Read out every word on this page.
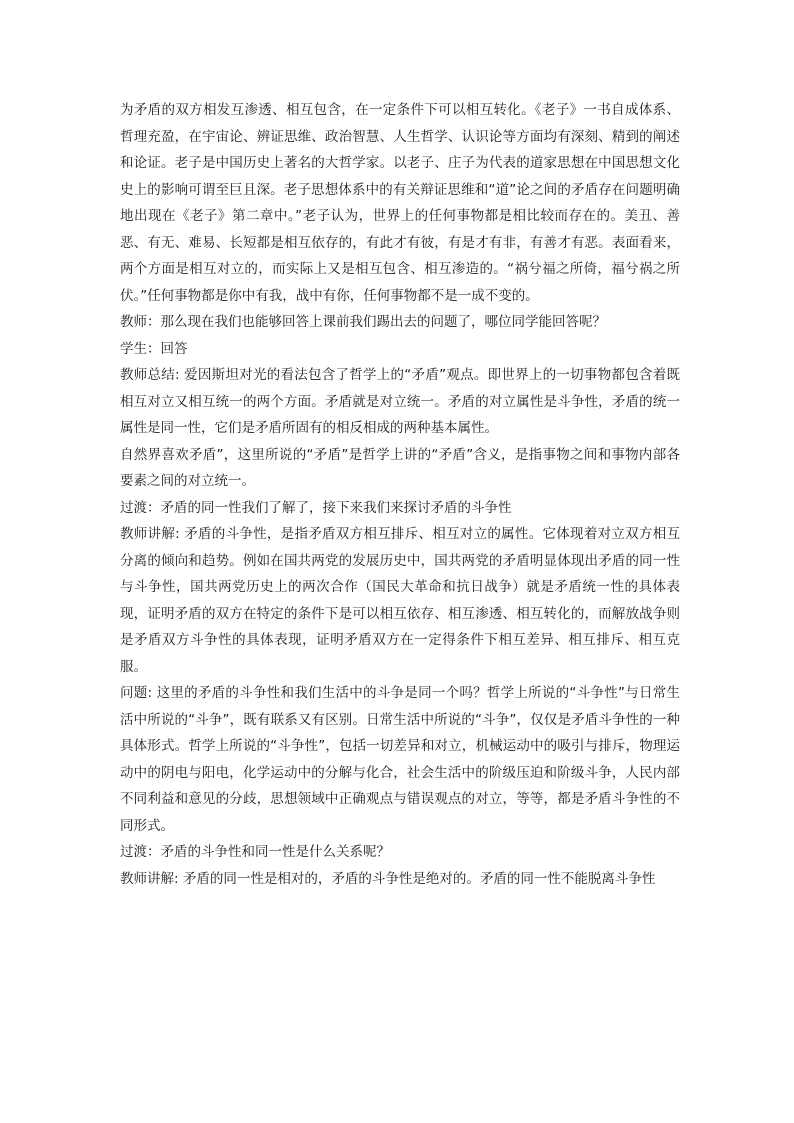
为矛盾的双方相发互渗透、相互包含，在一定条件下可以相互转化。《老子》一书自成体系、哲理充盈，在宇宙论、辨证思维、政治智慧、人生哲学、认识论等方面均有深刻、精到的阐述和论证。老子是中国历史上著名的大哲学家。以老子、庄子为代表的道家思想在中国思想文化史上的影响可谓至巨且深。老子思想体系中的有关辩证思维和“道”论之间的矛盾存在问题明确地出现在《老子》第二章中。”老子认为，世界上的任何事物都是相比较而存在的。美丑、善恶、有无、难易、长短都是相互依存的，有此才有彼，有是才有非，有善才有恶。表面看来，两个方面是相互对立的，而实际上又是相互包含、相互渗造的。“祸兮福之所倚，福兮祸之所伏。”任何事物都是你中有我，战中有你，任何事物都不是一成不变的。

教师：那么现在我们也能够回答上课前我们踢出去的问题了，哪位同学能回答呢？

学生：回答

教师总结: 爱因斯坦对光的看法包含了哲学上的“矛盾”观点。即世界上的一切事物都包含着既相互对立又相互统一的两个方面。矛盾就是对立统一。矛盾的对立属性是斗争性，矛盾的统一属性是同一性，它们是矛盾所固有的相反相成的两种基本属性。

自然界喜欢矛盾”，这里所说的“矛盾”是哲学上讲的“矛盾”含义，是指事物之间和事物内部各要素之间的对立统一。

过渡：矛盾的同一性我们了解了，接下来我们来探讨矛盾的斗争性

教师讲解: 矛盾的斗争性，是指矛盾双方相互排斥、相互对立的属性。它体现着对立双方相互分离的倾向和趋势。例如在国共两党的发展历史中，国共两党的矛盾明显体现出矛盾的同一性与斗争性，国共两党历史上的两次合作（国民大革命和抗日战争）就是矛盾统一性的具体表现，证明矛盾的双方在特定的条件下是可以相互依存、相互渗透、相互转化的，而解放战争则是矛盾双方斗争性的具体表现，证明矛盾双方在一定得条件下相互差异、相互排斥、相互克服。

问题: 这里的矛盾的斗争性和我们生活中的斗争是同一个吗？哲学上所说的“斗争性”与日常生活中所说的“斗争”，既有联系又有区别。日常生活中所说的“斗争”，仅仅是矛盾斗争性的一种具体形式。哲学上所说的“斗争性”，包括一切差异和对立，机械运动中的吸引与排斥，物理运动中的阴电与阳电，化学运动中的分解与化合，社会生活中的阶级压迫和阶级斗争，人民内部不同利益和意见的分歧，思想领域中正确观点与错误观点的对立，等等，都是矛盾斗争性的不同形式。

过渡：矛盾的斗争性和同一性是什么关系呢？

教师讲解: 矛盾的同一性是相对的，矛盾的斗争性是绝对的。矛盾的同一性不能脱离斗争性
